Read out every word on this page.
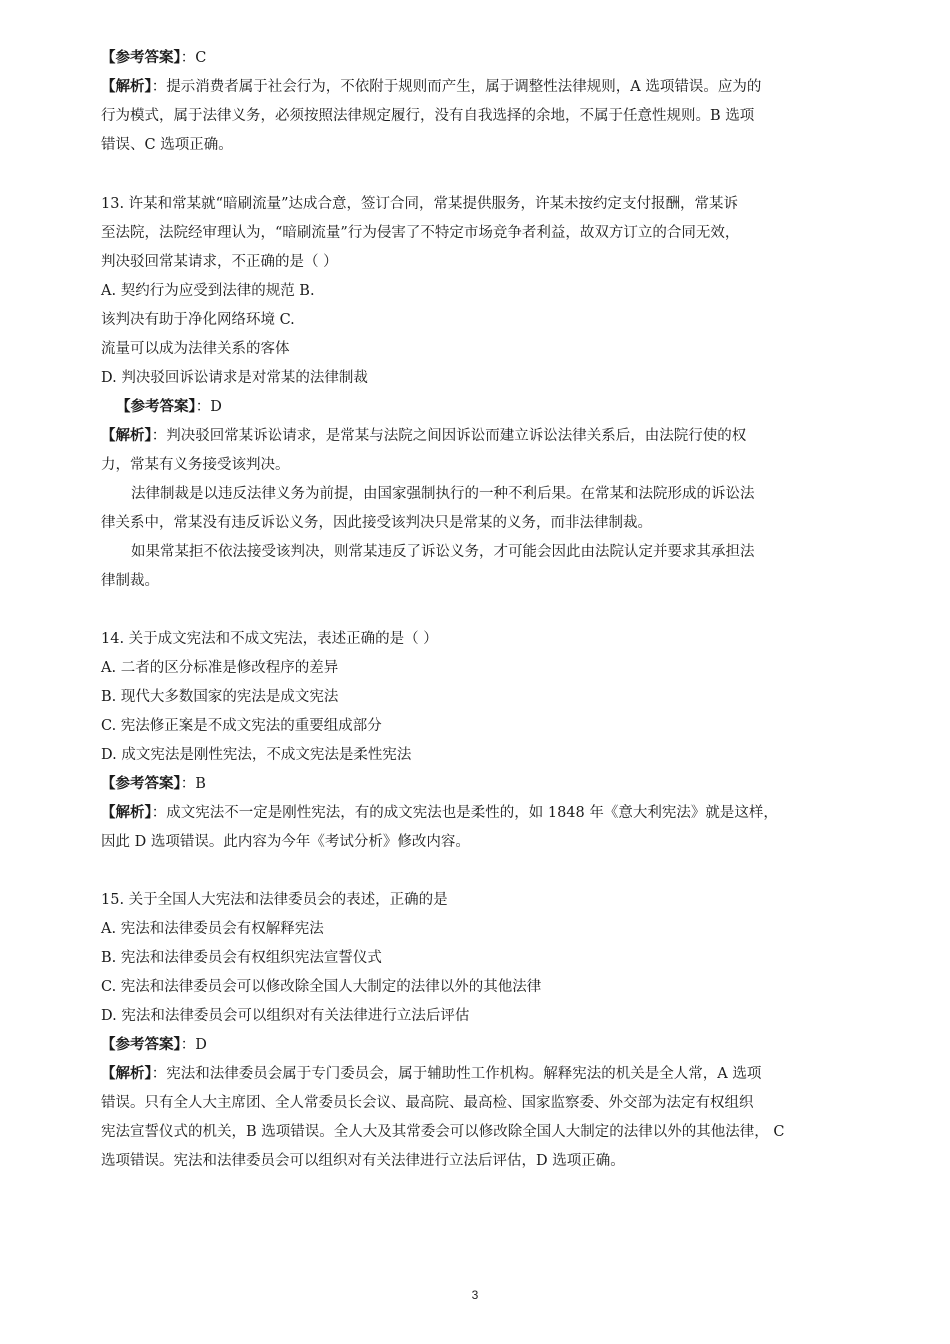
【参考答案】：C
【解析】：提示消费者属于社会行为，不依附于规则而产生，属于调整性法律规则，A 选项错误。应为的
行为模式，属于法律义务，必须按照法律规定履行，没有自我选择的余地，不属于任意性规则。B 选项
错误、C 选项正确。
13. 许某和常某就“暗刷流量”达成合意，签订合同，常某提供服务，许某未按约定支付报酬，常某诉
至法院，法院经审理认为，“暗刷流量”行为侵害了不特定市场竞争者利益，故双方订立的合同无效，
判决驳回常某请求，不正确的是（ ）
A. 契约行为应受到法律的规范 B.
该判决有助于净化网络环境 C.
流量可以成为法律关系的客体
D. 判决驳回诉讼请求是对常某的法律制裁
【参考答案】：D
【解析】：判决驳回常某诉讼请求，是常某与法院之间因诉讼而建立诉讼法律关系后，由法院行使的权
力，常某有义务接受该判决。
法律制裁是以违反法律义务为前提，由国家强制执行的一种不利后果。在常某和法院形成的诉讼法
律关系中，常某没有违反诉讼义务，因此接受该判决只是常某的义务，而非法律制裁。
如果常某拒不依法接受该判决，则常某违反了诉讼义务，才可能会因此由法院认定并要求其承担法
律制裁。
14. 关于成文宪法和不成文宪法，表述正确的是（ ）
A. 二者的区分标准是修改程序的差异
B. 现代大多数国家的宪法是成文宪法
C. 宪法修正案是不成文宪法的重要组成部分
D. 成文宪法是刚性宪法，不成文宪法是柔性宪法
【参考答案】：B
【解析】：成文宪法不一定是刚性宪法，有的成文宪法也是柔性的，如 1848 年《意大利宪法》就是这样，
因此 D 选项错误。此内容为今年《考试分析》修改内容。
15. 关于全国人大宪法和法律委员会的表述，正确的是
A. 宪法和法律委员会有权解释宪法
B. 宪法和法律委员会有权组织宪法宣誓仪式
C. 宪法和法律委员会可以修改除全国人大制定的法律以外的其他法律
D. 宪法和法律委员会可以组织对有关法律进行立法后评估
【参考答案】：D
【解析】：宪法和法律委员会属于专门委员会，属于辅助性工作机构。解释宪法的机关是全人常，A 选项
错误。只有全人大主席团、全人常委员长会议、最高院、最高检、国家监察委、外交部为法定有权组织
宪法宣誓仪式的机关，B 选项错误。全人大及其常委会可以修改除全国人大制定的法律以外的其他法律， C
选项错误。宪法和法律委员会可以组织对有关法律进行立法后评估，D 选项正确。
3
